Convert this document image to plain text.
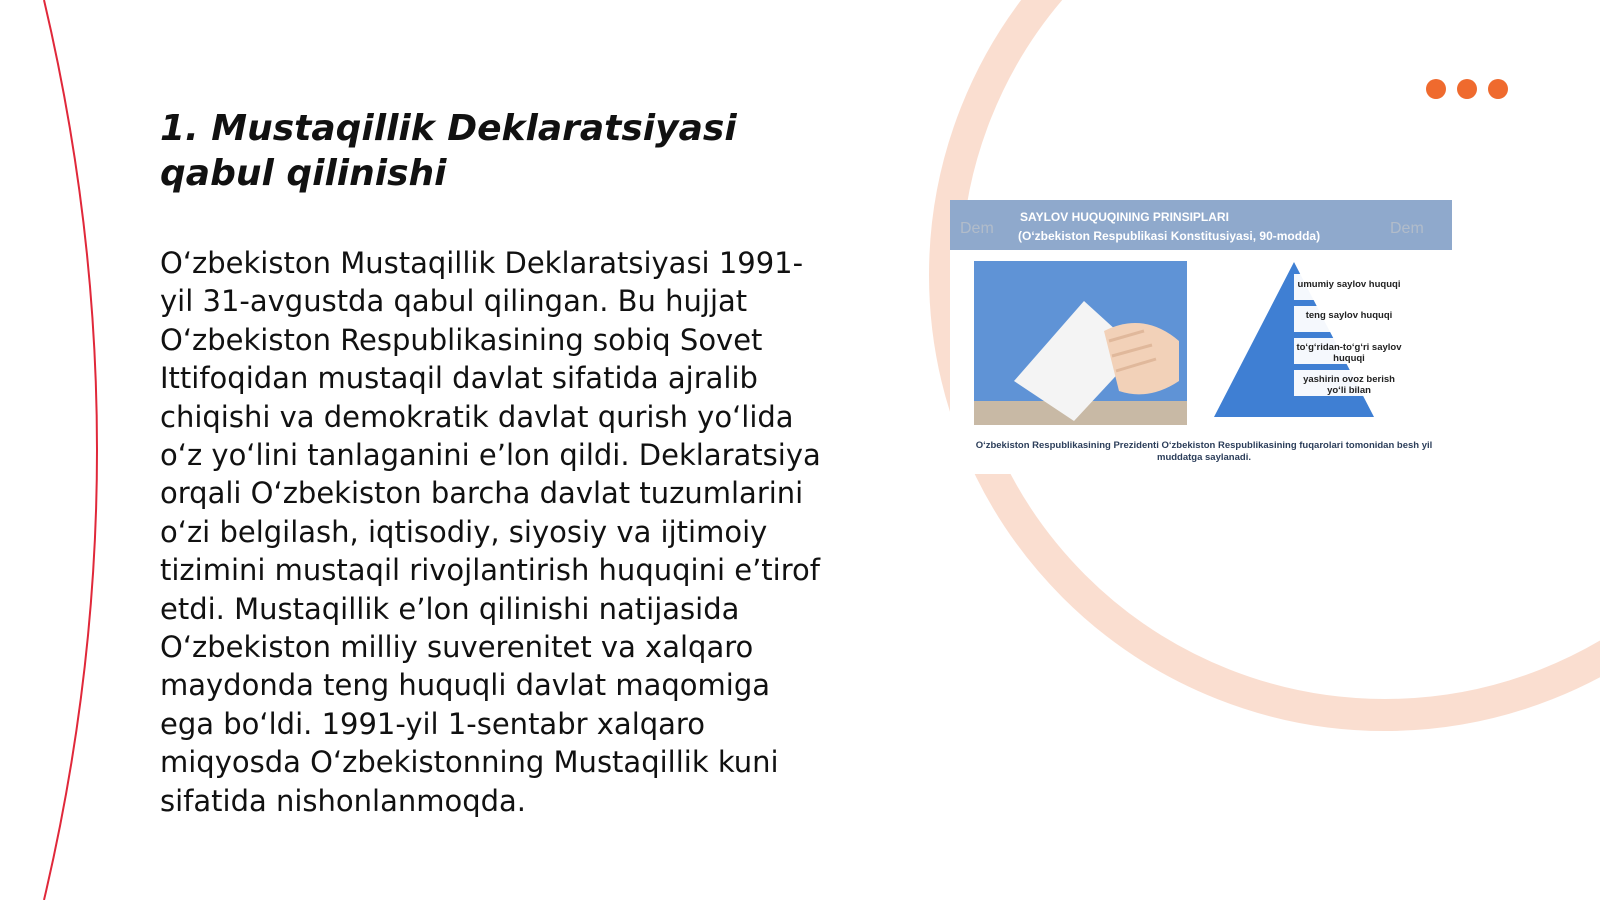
1. Mustaqillik Deklaratsiyasi qabul qilinishi

O‘zbekiston Mustaqillik Deklaratsiyasi 1991-yil 31-avgustda qabul qilingan. Bu hujjat O‘zbekiston Respublikasining sobiq Sovet Ittifoqidan mustaqil davlat sifatida ajralib chiqishi va demokratik davlat qurish yo‘lida o‘z yo‘lini tanlaganini e’lon qildi. Deklaratsiya orqali O‘zbekiston barcha davlat tuzumlarini o‘zi belgilash, iqtisodiy, siyosiy va ijtimoiy tizimini mustaqil rivojlantirish huquqini e’tirof etdi. Mustaqillik e’lon qilinishi natijasida O‘zbekiston milliy suverenitet va xalqaro maydonda teng huquqli davlat maqomiga ega bo‘ldi. 1991-yil 1-sentabr xalqaro miqyosda O‘zbekistonning Mustaqillik kuni sifatida nishonlanmoqda.

SAYLOV HUQUQINING PRINSIPLARI
(O‘zbekiston Respublikasi Konstitusiyasi, 90-modda)
Dem	Dem
umumiy saylov huquqi
teng saylov huquqi
to‘g‘ridan-to‘g‘ri saylov huquqi
yashirin ovoz berish yo‘li bilan
O‘zbekiston Respublikasining Prezidenti O‘zbekiston Respublikasining fuqarolari tomonidan besh yil muddatga saylanadi.
